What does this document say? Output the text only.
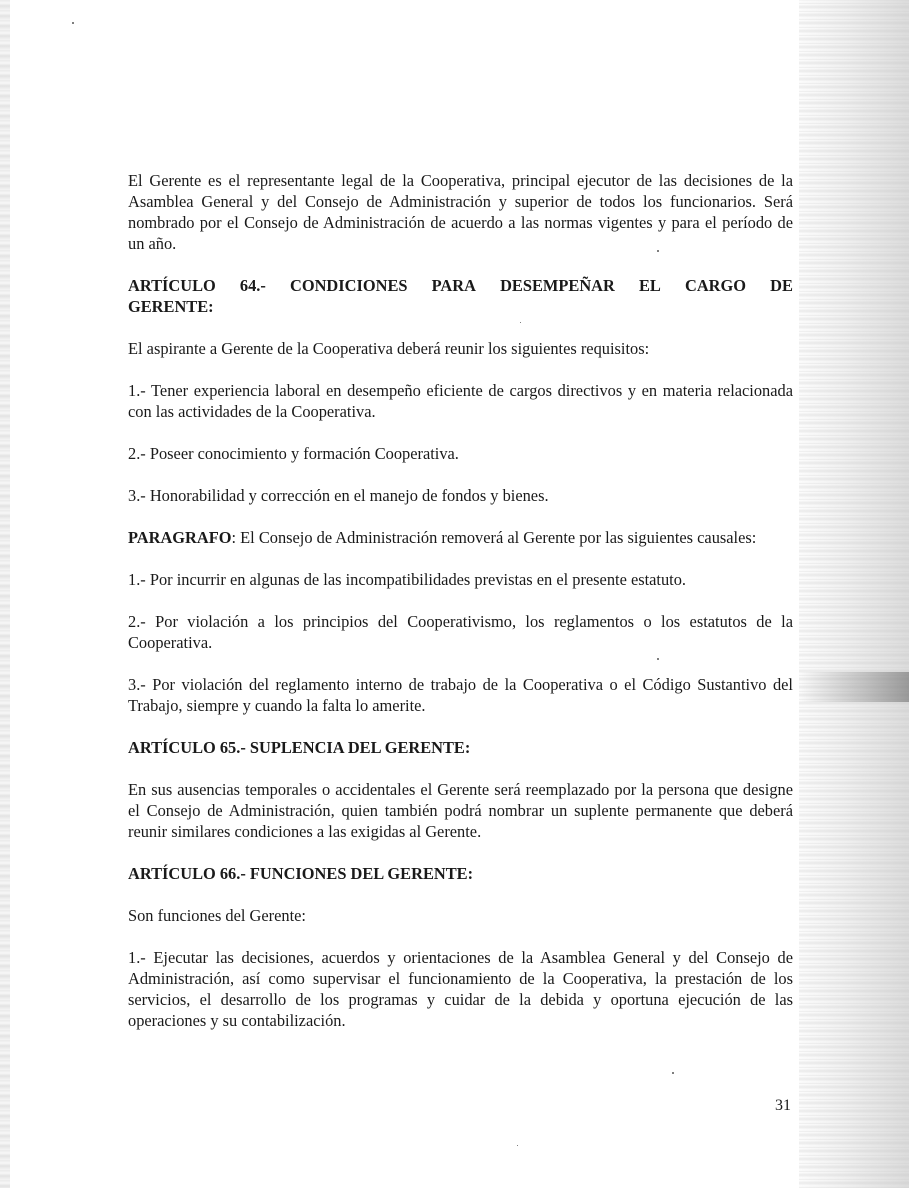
El Gerente es el representante legal de la Cooperativa, principal ejecutor de las decisiones de la Asamblea General y del Consejo de Administración y superior de todos los funcionarios. Será nombrado por el Consejo de Administración de acuerdo a las normas vigentes y para el período de un año.

ARTÍCULO 64.- CONDICIONES PARA DESEMPEÑAR EL CARGO DE

GERENTE:

El aspirante a Gerente de la Cooperativa deberá reunir los siguientes requisitos:

1.- Tener experiencia laboral en desempeño eficiente de cargos directivos y en materia relacionada con las actividades de la Cooperativa.

2.- Poseer conocimiento y formación Cooperativa.

3.- Honorabilidad y corrección en el manejo de fondos y bienes.

PARAGRAFO: El Consejo de Administración removerá al Gerente por las siguientes causales:

1.- Por incurrir en algunas de las incompatibilidades previstas en el presente estatuto.

2.- Por violación a los principios del Cooperativismo, los reglamentos o los estatutos de la Cooperativa.

3.- Por violación del reglamento interno de trabajo de la Cooperativa o el Código Sustantivo del Trabajo, siempre y cuando la falta lo amerite.

ARTÍCULO 65.- SUPLENCIA DEL GERENTE:

En sus ausencias temporales o accidentales el Gerente será reemplazado por la persona que designe el Consejo de Administración, quien también podrá nombrar un suplente permanente que deberá reunir similares condiciones a las exigidas al Gerente.

ARTÍCULO 66.- FUNCIONES DEL GERENTE:

Son funciones del Gerente:

1.- Ejecutar las decisiones, acuerdos y orientaciones de la Asamblea General y del Consejo de Administración, así como supervisar el funcionamiento de la Cooperativa, la prestación de los servicios, el desarrollo de los programas y cuidar de la debida y oportuna ejecución de las operaciones y su contabilización.

31
